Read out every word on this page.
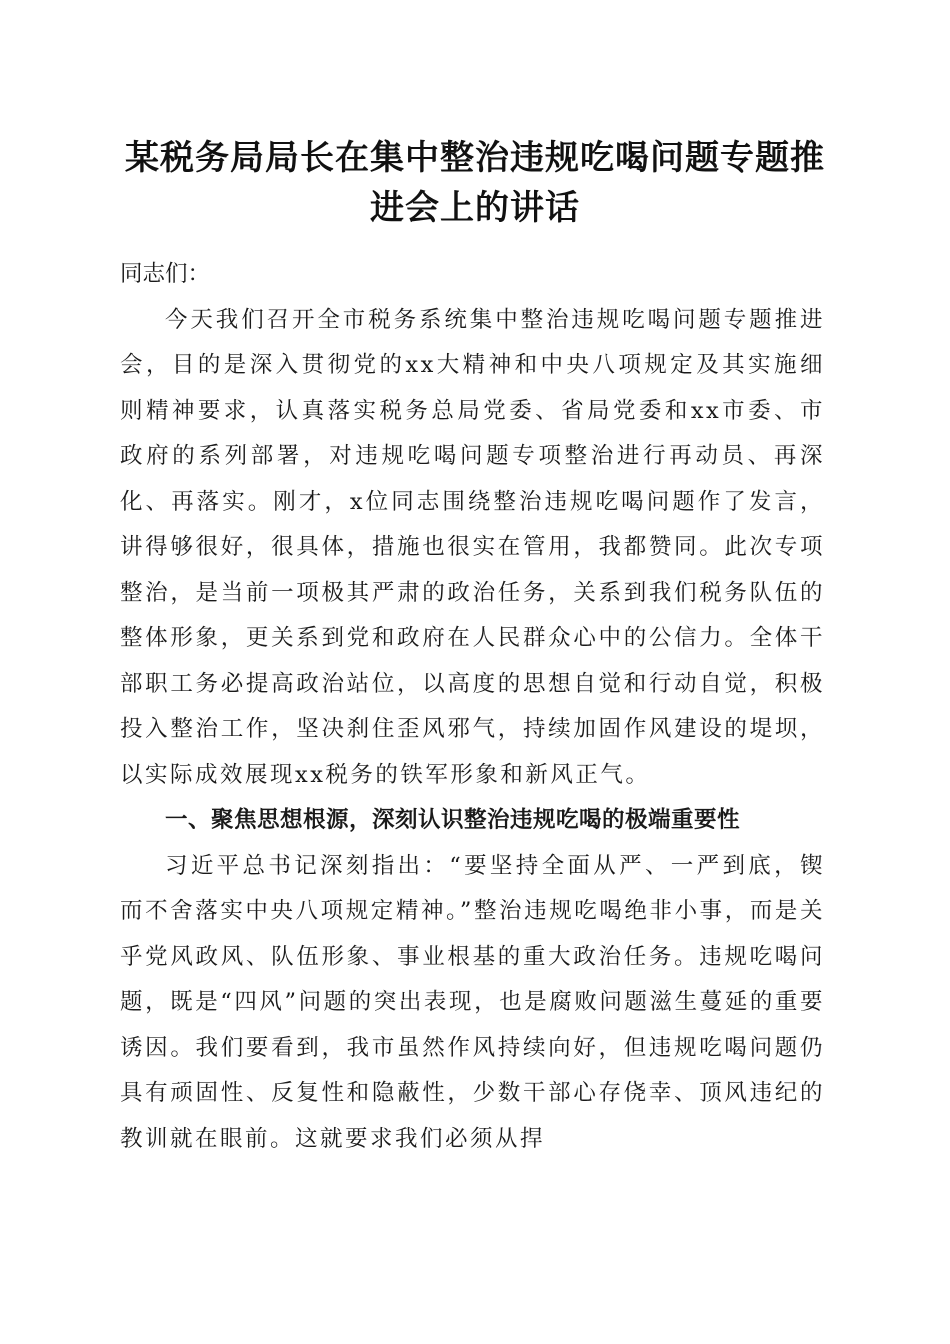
某税务局局长在集中整治违规吃喝问题专题推进会上的讲话

同志们：

今天我们召开全市税务系统集中整治违规吃喝问题专题推进会，目的是深入贯彻党的xx大精神和中央八项规定及其实施细则精神要求，认真落实税务总局党委、省局党委和xx市委、市政府的系列部署，对违规吃喝问题专项整治进行再动员、再深化、再落实。刚才，x位同志围绕整治违规吃喝问题作了发言，讲得够很好，很具体，措施也很实在管用，我都赞同。此次专项整治，是当前一项极其严肃的政治任务，关系到我们税务队伍的整体形象，更关系到党和政府在人民群众心中的公信力。全体干部职工务必提高政治站位，以高度的思想自觉和行动自觉，积极投入整治工作，坚决刹住歪风邪气，持续加固作风建设的堤坝，以实际成效展现xx税务的铁军形象和新风正气。

一、聚焦思想根源，深刻认识整治违规吃喝的极端重要性

习近平总书记深刻指出：“要坚持全面从严、一严到底，锲而不舍落实中央八项规定精神。”整治违规吃喝绝非小事，而是关乎党风政风、队伍形象、事业根基的重大政治任务。违规吃喝问题，既是“四风”问题的突出表现，也是腐败问题滋生蔓延的重要诱因。我们要看到，我市虽然作风持续向好，但违规吃喝问题仍具有顽固性、反复性和隐蔽性，少数干部心存侥幸、顶风违纪的教训就在眼前。这就要求我们必须从捍
